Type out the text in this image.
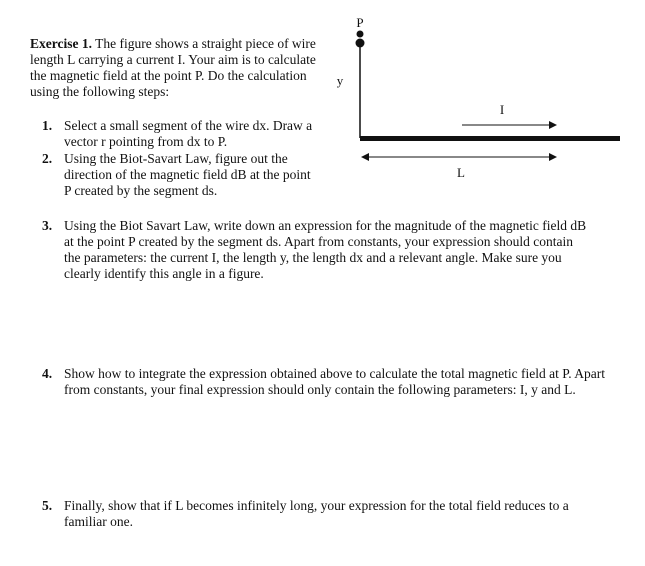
Exercise 1. The figure shows a straight piece of wire length L carrying a current I. Your aim is to calculate the magnetic field at the point P. Do the calculation using the following steps:
1. Select a small segment of the wire dx. Draw a vector r pointing from dx to P.
2. Using the Biot-Savart Law, figure out the direction of the magnetic field dB at the point P created by the segment ds.
3. Using the Biot Savart Law, write down an expression for the magnitude of the magnetic field dB at the point P created by the segment ds. Apart from constants, your expression should contain the parameters: the current I, the length y, the length dx and a relevant angle. Make sure you clearly identify this angle in a figure.
4. Show how to integrate the expression obtained above to calculate the total magnetic field at P. Apart from constants, your final expression should only contain the following parameters: I, y and L.
5. Finally, show that if L becomes infinitely long, your expression for the total field reduces to a familiar one.
P
y
I
L
